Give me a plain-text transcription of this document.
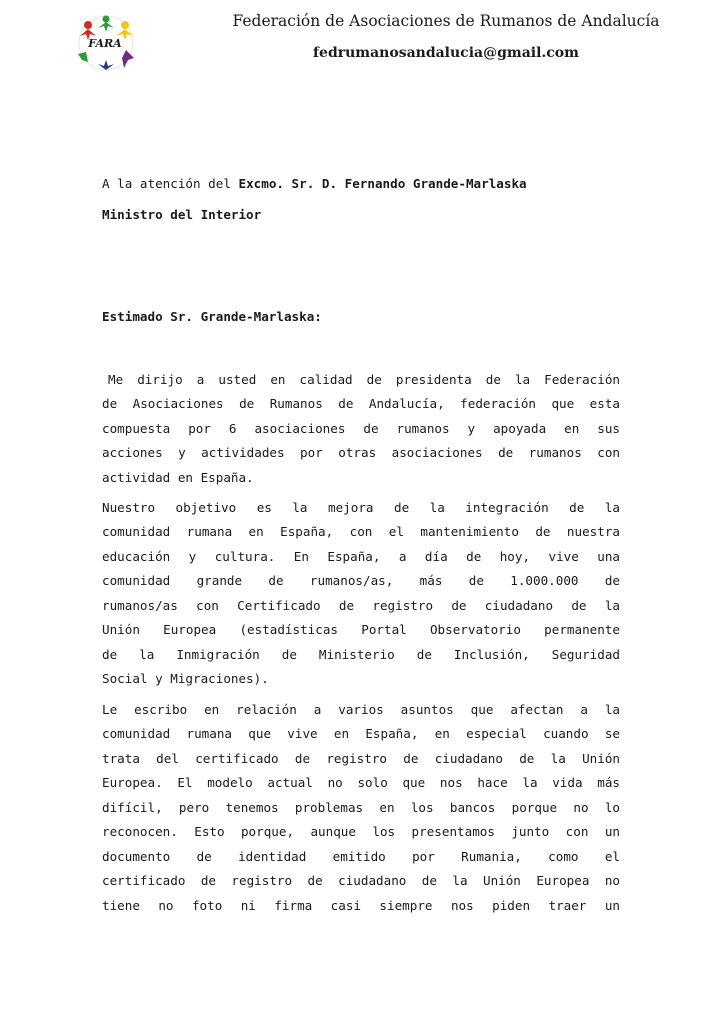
FARA
Federación de Asociaciones de Rumanos de Andalucía
fedrumanosandalucia@gmail.com
A la atención del Excmo. Sr. D. Fernando Grande-Marlaska
Ministro del Interior
Estimado Sr. Grande-Marlaska:
Me dirijo a usted en calidad de presidenta de la Federación
de Asociaciones de Rumanos de Andalucía, federación que esta
compuesta por 6 asociaciones de rumanos y apoyada en sus
acciones y actividades por otras asociaciones de rumanos con
actividad en España.
Nuestro objetivo es la mejora de la integración de la
comunidad rumana en España, con el mantenimiento de nuestra
educación y cultura. En España, a día de hoy, vive una
comunidad grande de rumanos/as, más de 1.000.000 de
rumanos/as con Certificado de registro de ciudadano de la
Unión Europea (estadísticas Portal Observatorio permanente
de la Inmigración de Ministerio de Inclusión, Seguridad
Social y Migraciones).
Le escribo en relación a varios asuntos que afectan a la
comunidad rumana que vive en España, en especial cuando se
trata del certificado de registro de ciudadano de la Unión
Europea. El modelo actual no solo que nos hace la vida más
difícil, pero tenemos problemas en los bancos porque no lo
reconocen. Esto porque, aunque los presentamos junto con un
documento de identidad emitido por Rumania, como el
certificado de registro de ciudadano de la Unión Europea no
tiene no foto ni firma casi siempre nos piden traer un
